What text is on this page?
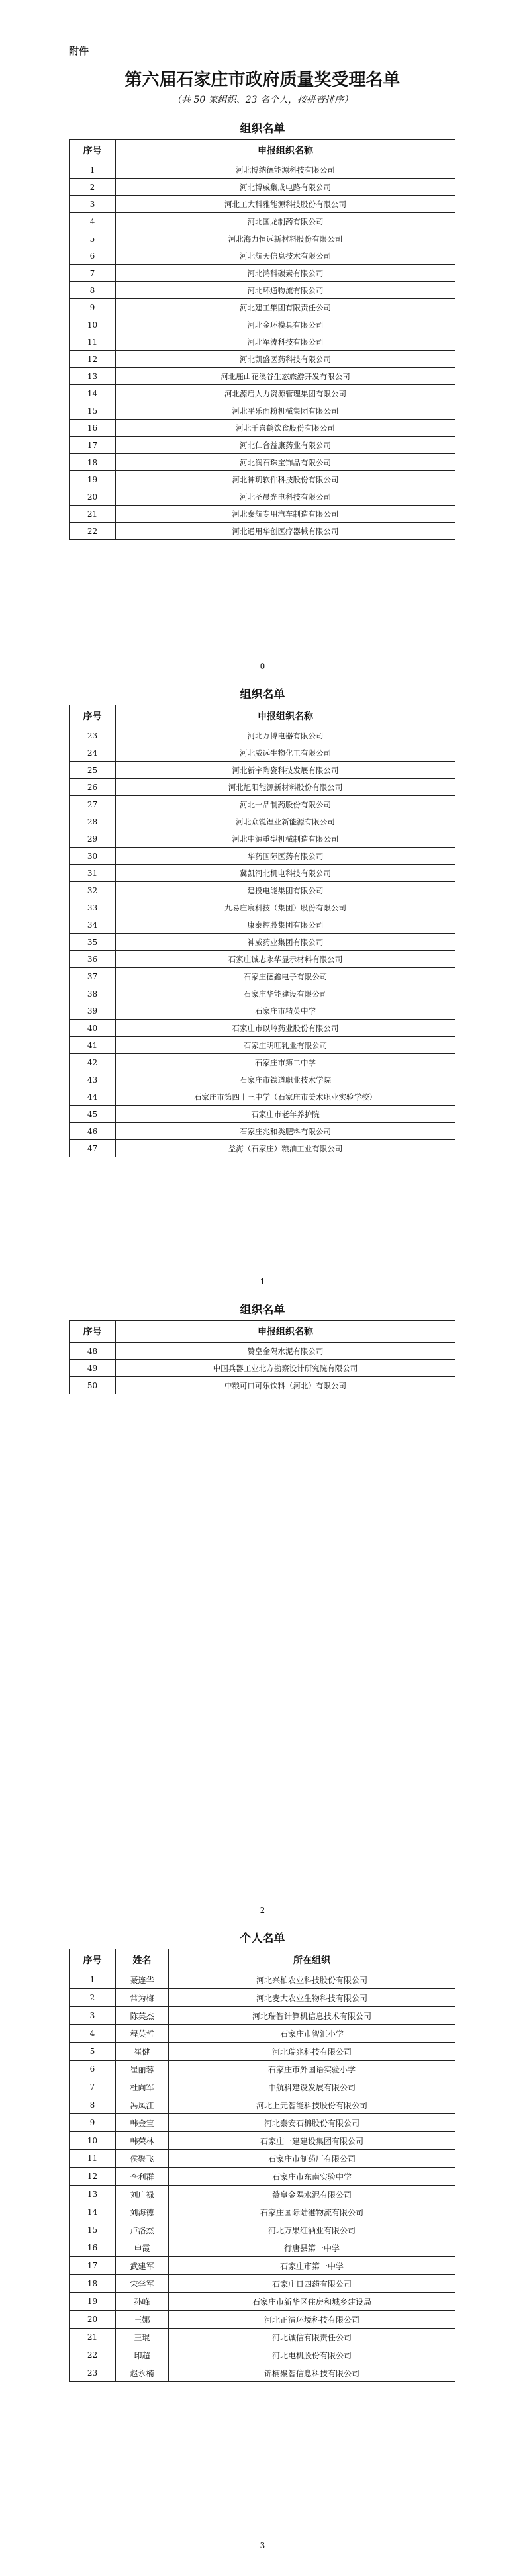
附件
第六届石家庄市政府质量奖受理名单
（共 50 家组织、23 名个人，按拼音排序）
组织名单
序号	申报组织名称
1	河北博纳德能源科技有限公司
2	河北博威集成电路有限公司
3	河北工大科雅能源科技股份有限公司
4	河北国龙制药有限公司
5	河北海力恒远新材料股份有限公司
6	河北航天信息技术有限公司
7	河北鸿科碳素有限公司
8	河北环通物流有限公司
9	河北建工集团有限责任公司
10	河北金环模具有限公司
11	河北军涛科技有限公司
12	河北凯盛医药科技有限公司
13	河北鹿山花溪谷生态旅游开发有限公司
14	河北源启人力资源管理集团有限公司
15	河北平乐面粉机械集团有限公司
16	河北千喜鹤饮食股份有限公司
17	河北仁合益康药业有限公司
18	河北润石珠宝饰品有限公司
19	河北神玥软件科技股份有限公司
20	河北圣晨光电科技有限公司
21	河北泰航专用汽车制造有限公司
22	河北通用华创医疗器械有限公司
0
组织名单
序号	申报组织名称
23	河北万博电器有限公司
24	河北威远生物化工有限公司
25	河北新宇陶瓷科技发展有限公司
26	河北旭阳能源新材料股份有限公司
27	河北一品制药股份有限公司
28	河北众锐锂业新能源有限公司
29	河北中源重型机械制造有限公司
30	华药国际医药有限公司
31	冀凯河北机电科技有限公司
32	建投电能集团有限公司
33	九易庄宸科技（集团）股份有限公司
34	康泰控股集团有限公司
35	神威药业集团有限公司
36	石家庄诚志永华显示材料有限公司
37	石家庄德鑫电子有限公司
38	石家庄华能建设有限公司
39	石家庄市精英中学
40	石家庄市以岭药业股份有限公司
41	石家庄明旺乳业有限公司
42	石家庄市第二中学
43	石家庄市铁道职业技术学院
44	石家庄市第四十三中学（石家庄市美术职业实验学校）
45	石家庄市老年养护院
46	石家庄兆和类肥料有限公司
47	益海（石家庄）粮油工业有限公司
1
组织名单
序号	申报组织名称
48	赞皇金隅水泥有限公司
49	中国兵器工业北方勘察设计研究院有限公司
50	中粮可口可乐饮料（河北）有限公司
2
个人名单
序号	姓名	所在组织
1	聂连华	河北兴柏农业科技股份有限公司
2	常为梅	河北麦大农业生物科技有限公司
3	陈英杰	河北瑞智计算机信息技术有限公司
4	程英哲	石家庄市智汇小学
5	崔健	河北瑞兆科技有限公司
6	崔丽蓉	石家庄市外国语实验小学
7	杜向军	中航科建设发展有限公司
8	冯凤江	河北上元智能科技股份有限公司
9	韩金宝	河北泰安石棉股份有限公司
10	韩荣林	石家庄一建建设集团有限公司
11	侯聚飞	石家庄市制药厂有限公司
12	李利群	石家庄市东南实验中学
13	刘广禄	赞皇金隅水泥有限公司
14	刘海德	石家庄国际陆港物流有限公司
15	卢洛杰	河北万果红酒业有限公司
16	申霞	行唐县第一中学
17	武建军	石家庄市第一中学
18	宋学军	石家庄日四药有限公司
19	孙峰	石家庄市新华区住房和城乡建设局
20	王娜	河北正清环境科技有限公司
21	王琨	河北诚信有限责任公司
22	印超	河北电机股份有限公司
23	赵永楠	锦楠聚智信息科技有限公司
3
